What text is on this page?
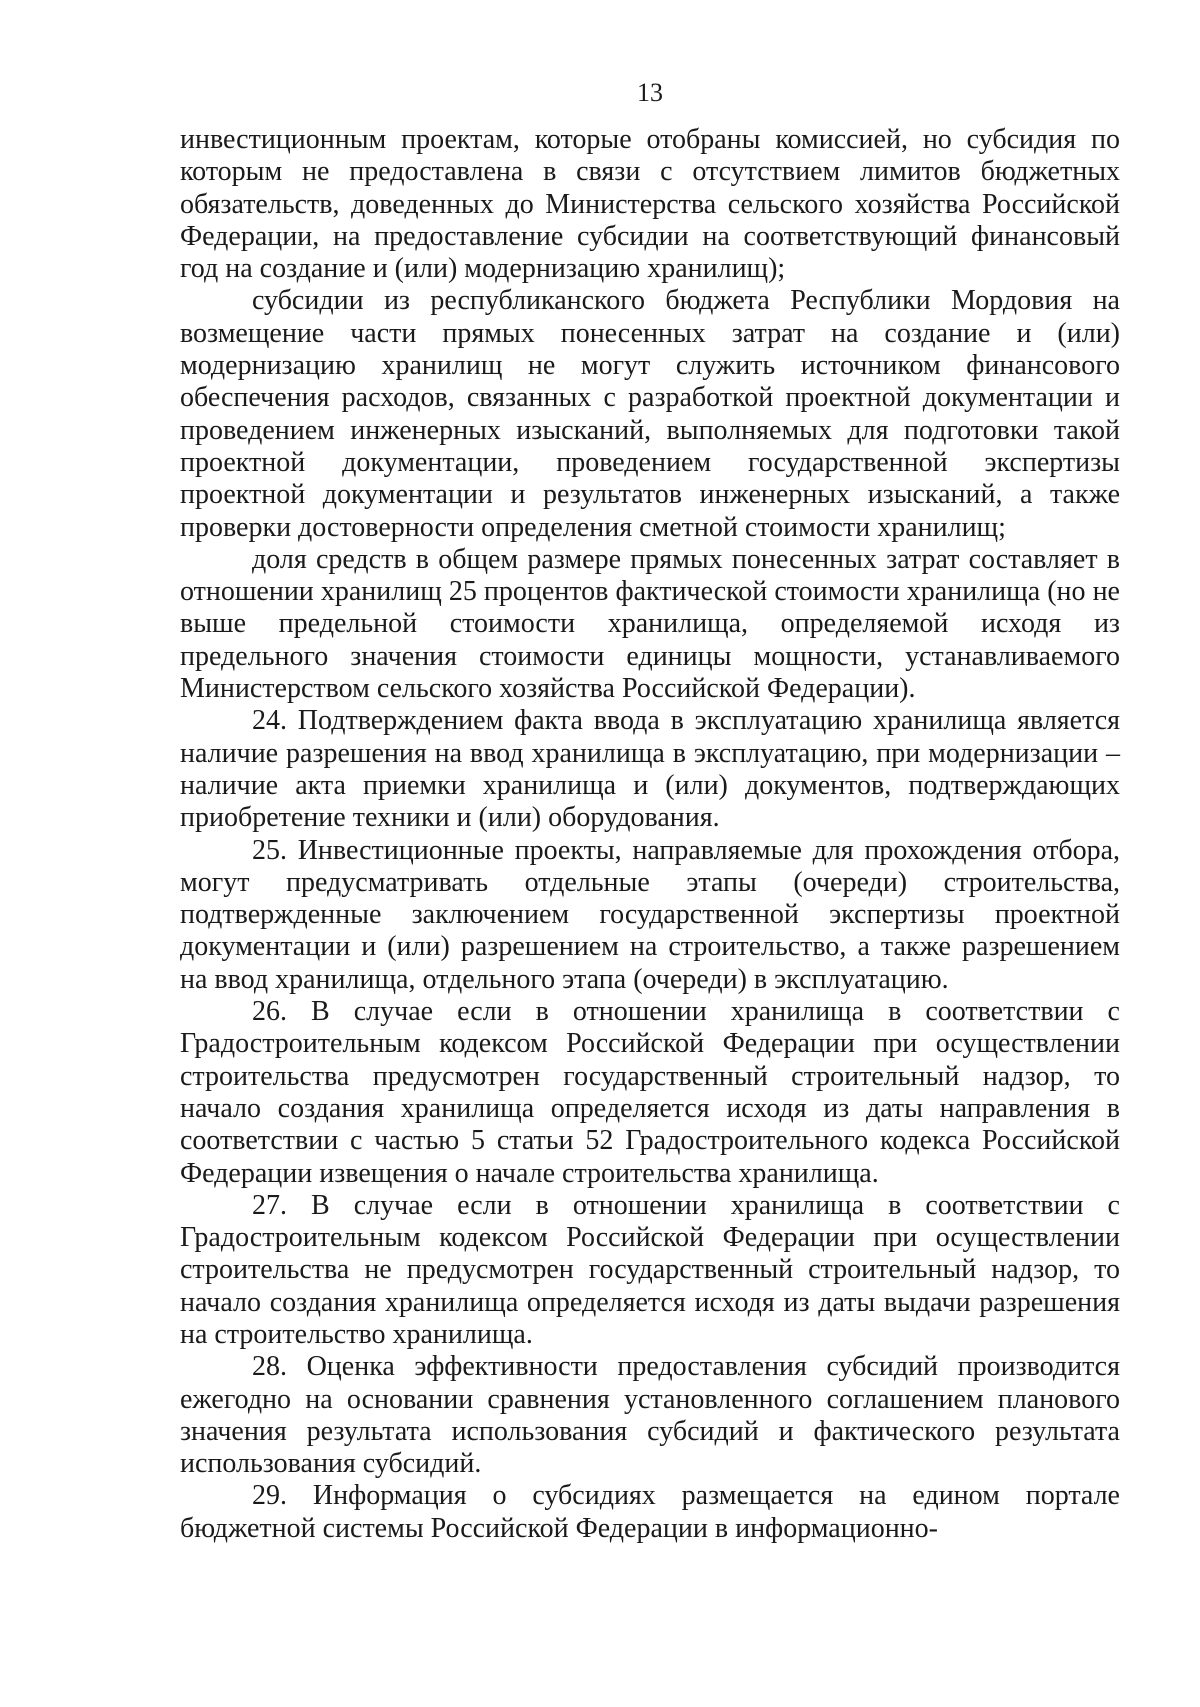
13

инвестиционным проектам, которые отобраны комиссией, но субсидия по которым не предоставлена в связи с отсутствием лимитов бюджетных обязательств, доведенных до Министерства сельского хозяйства Российской Федерации, на предоставление субсидии на соответствующий финансовый год на создание и (или) модернизацию хранилищ);

субсидии из республиканского бюджета Республики Мордовия на возмещение части прямых понесенных затрат на создание и (или) модернизацию хранилищ не могут служить источником финансового обеспечения расходов, связанных с разработкой проектной документации и проведением инженерных изысканий, выполняемых для подготовки такой проектной документации, проведением государственной экспертизы проектной документации и результатов инженерных изысканий, а также проверки достоверности определения сметной стоимости хранилищ;

доля средств в общем размере прямых понесенных затрат составляет в отношении хранилищ 25 процентов фактической стоимости хранилища (но не выше предельной стоимости хранилища, определяемой исходя из предельного значения стоимости единицы мощности, устанавливаемого Министерством сельского хозяйства Российской Федерации).

24. Подтверждением факта ввода в эксплуатацию хранилища является наличие разрешения на ввод хранилища в эксплуатацию, при модернизации – наличие акта приемки хранилища и (или) документов, подтверждающих приобретение техники и (или) оборудования.

25. Инвестиционные проекты, направляемые для прохождения отбора, могут предусматривать отдельные этапы (очереди) строительства, подтвержденные заключением государственной экспертизы проектной документации и (или) разрешением на строительство, а также разрешением на ввод хранилища, отдельного этапа (очереди) в эксплуатацию.

26. В случае если в отношении хранилища в соответствии с Градостроительным кодексом Российской Федерации при осуществлении строительства предусмотрен государственный строительный надзор, то начало создания хранилища определяется исходя из даты направления в соответствии с частью 5 статьи 52 Градостроительного кодекса Российской Федерации извещения о начале строительства хранилища.

27. В случае если в отношении хранилища в соответствии с Градостроительным кодексом Российской Федерации при осуществлении строительства не предусмотрен государственный строительный надзор, то начало создания хранилища определяется исходя из даты выдачи разрешения на строительство хранилища.

28. Оценка эффективности предоставления субсидий производится ежегодно на основании сравнения установленного соглашением планового значения результата использования субсидий и фактического результата использования субсидий.

29. Информация о субсидиях размещается на едином портале бюджетной системы Российской Федерации в информационно-
